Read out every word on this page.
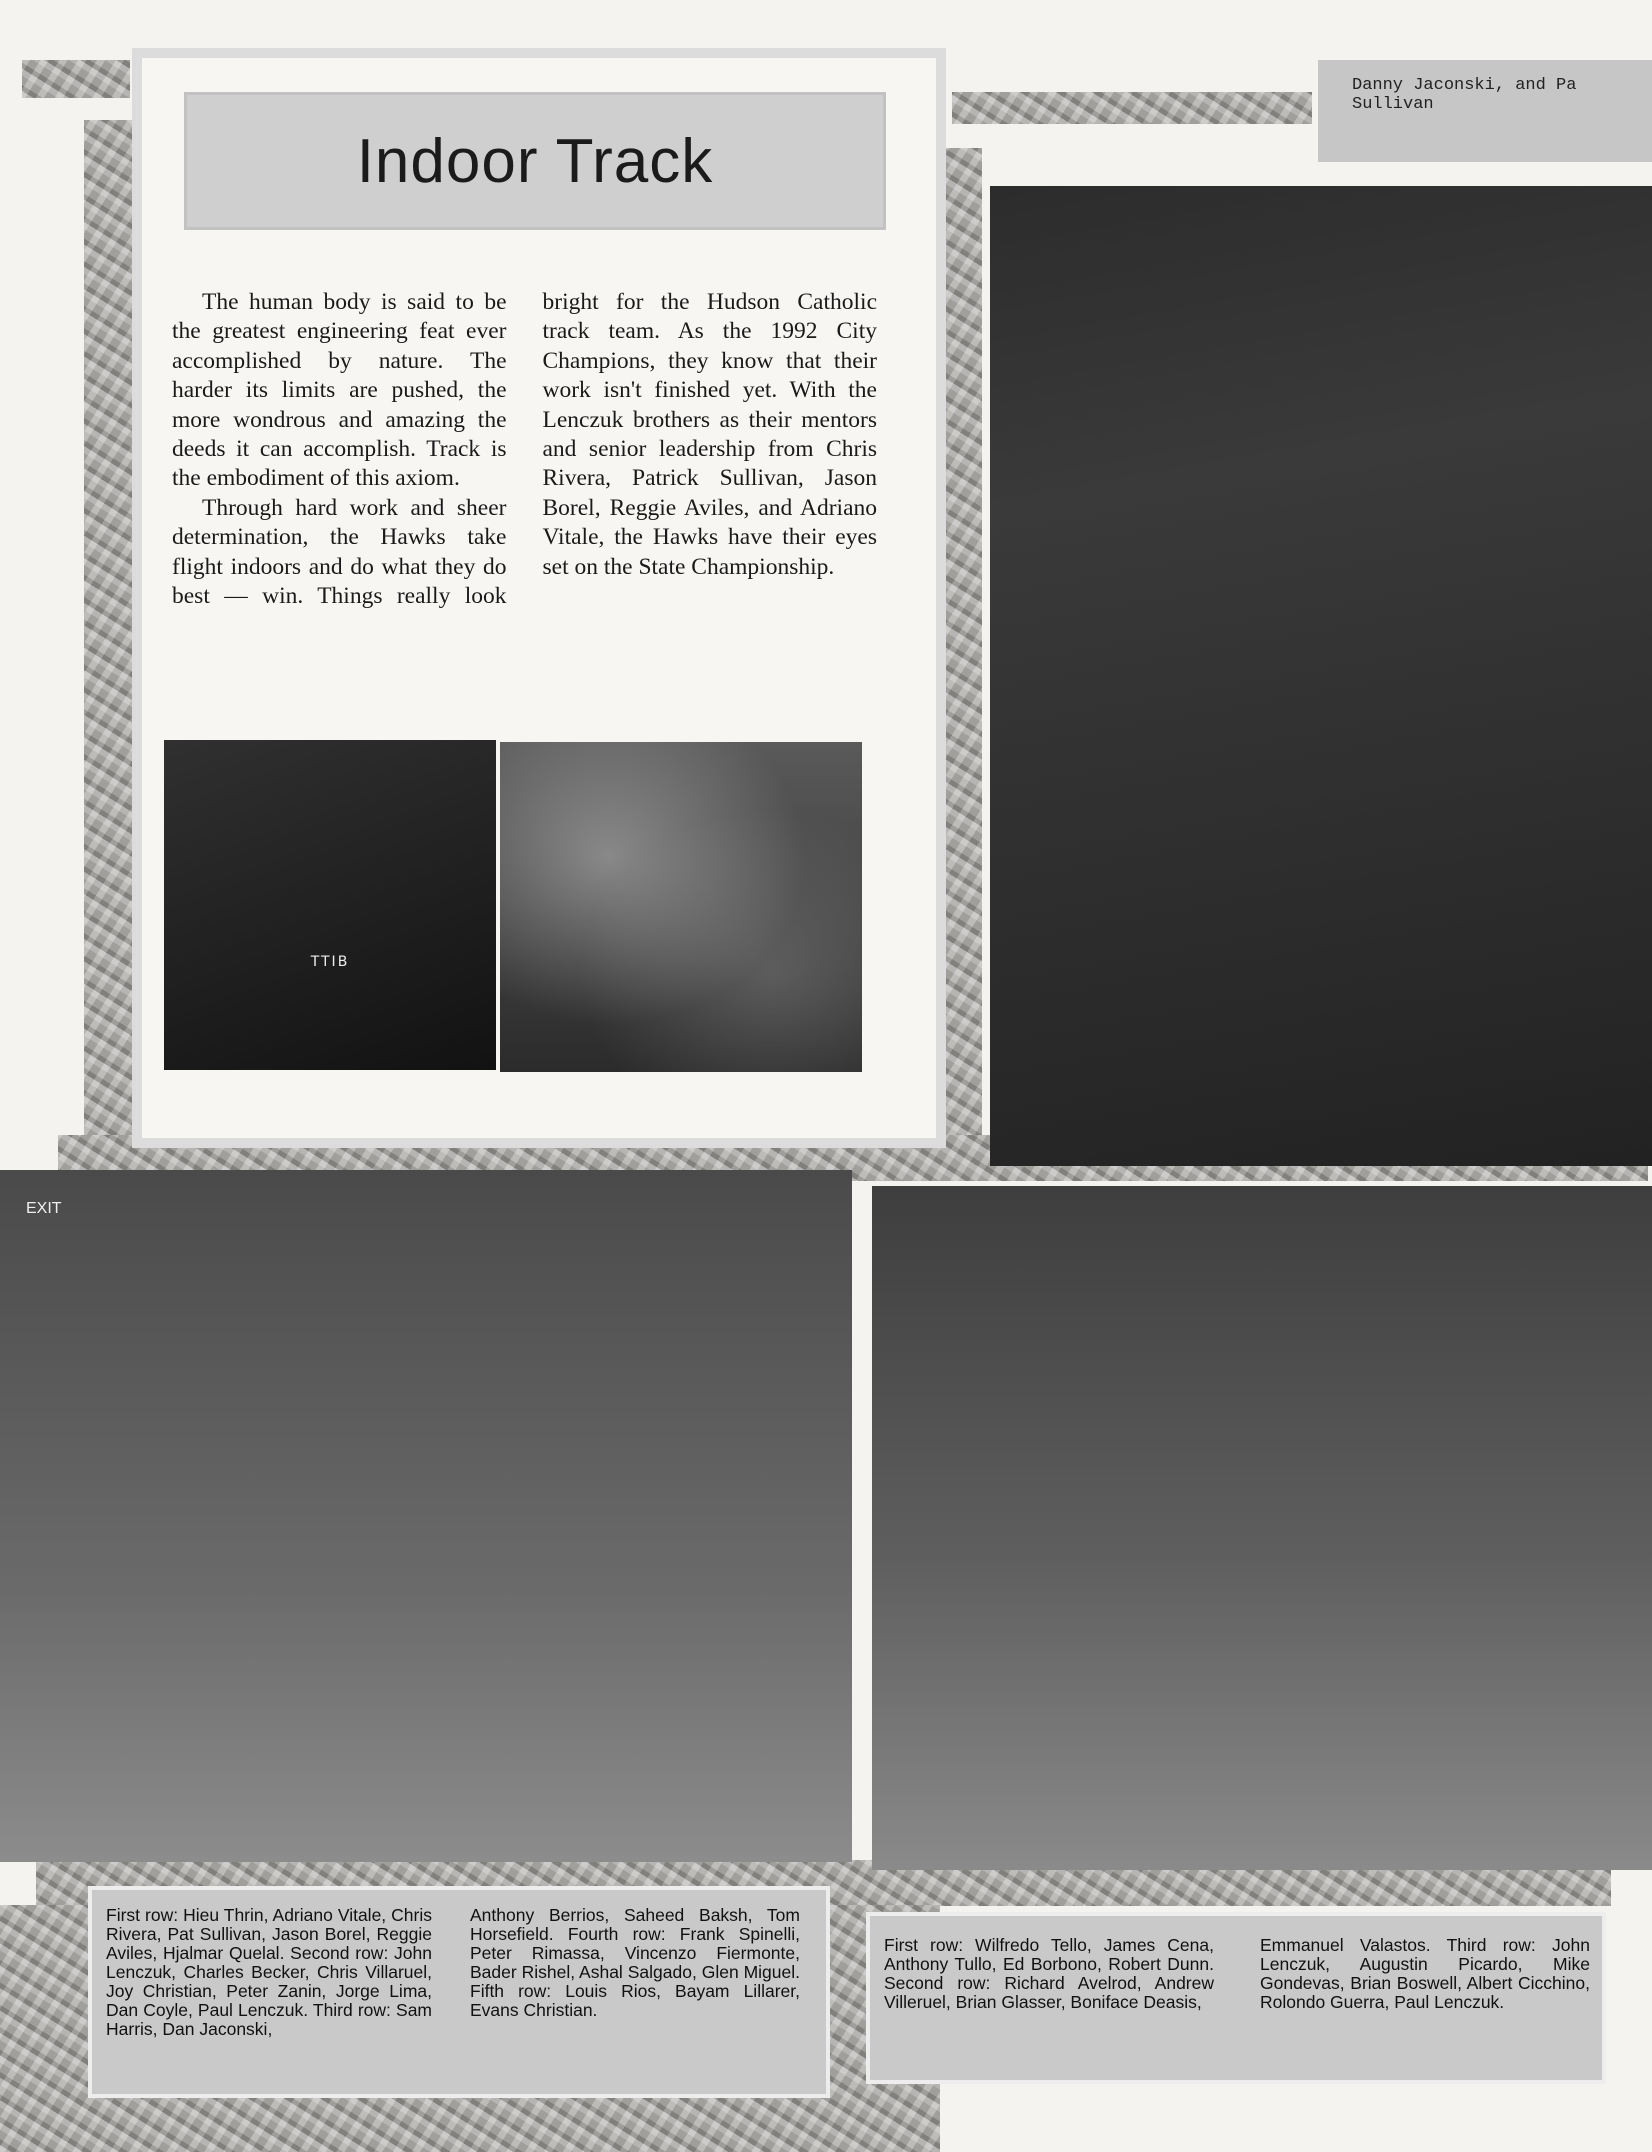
Indoor Track

The human body is said to be the greatest engineering feat ever accomplished by nature. The harder its limits are pushed, the more wondrous and amazing the deeds it can accomplish. Track is the embodiment of this axiom.

Through hard work and sheer determination, the Hawks take flight indoors and do what they do best — win. Things really look bright for the Hudson Catholic track team. As the 1992 City Champions, they know that their work isn't finished yet. With the Lenczuk brothers as their mentors and senior leadership from Chris Rivera, Patrick Sullivan, Jason Borel, Reggie Aviles, and Adriano Vitale, the Hawks have their eyes set on the State Championship.

TTIB
Danny Jaconski, and Pa Sullivan
EXIT
First row: Hieu Thrin, Adriano Vitale, Chris Rivera, Pat Sullivan, Jason Borel, Reggie Aviles, Hjalmar Quelal. Second row: John Lenczuk, Charles Becker, Chris Villaruel, Joy Christian, Peter Zanin, Jorge Lima, Dan Coyle, Paul Lenczuk. Third row: Sam Harris, Dan Jaconski,
Anthony Berrios, Saheed Baksh, Tom Horsefield. Fourth row: Frank Spinelli, Peter Rimassa, Vincenzo Fiermonte, Bader Rishel, Ashal Salgado, Glen Miguel. Fifth row: Louis Rios, Bayam Lillarer, Evans Christian.
First row: Wilfredo Tello, James Cena, Anthony Tullo, Ed Borbono, Robert Dunn. Second row: Richard Avelrod, Andrew Villeruel, Brian Glasser, Boniface Deasis,
Emmanuel Valastos. Third row: John Lenczuk, Augustin Picardo, Mike Gondevas, Brian Boswell, Albert Cicchino, Rolondo Guerra, Paul Lenczuk.
